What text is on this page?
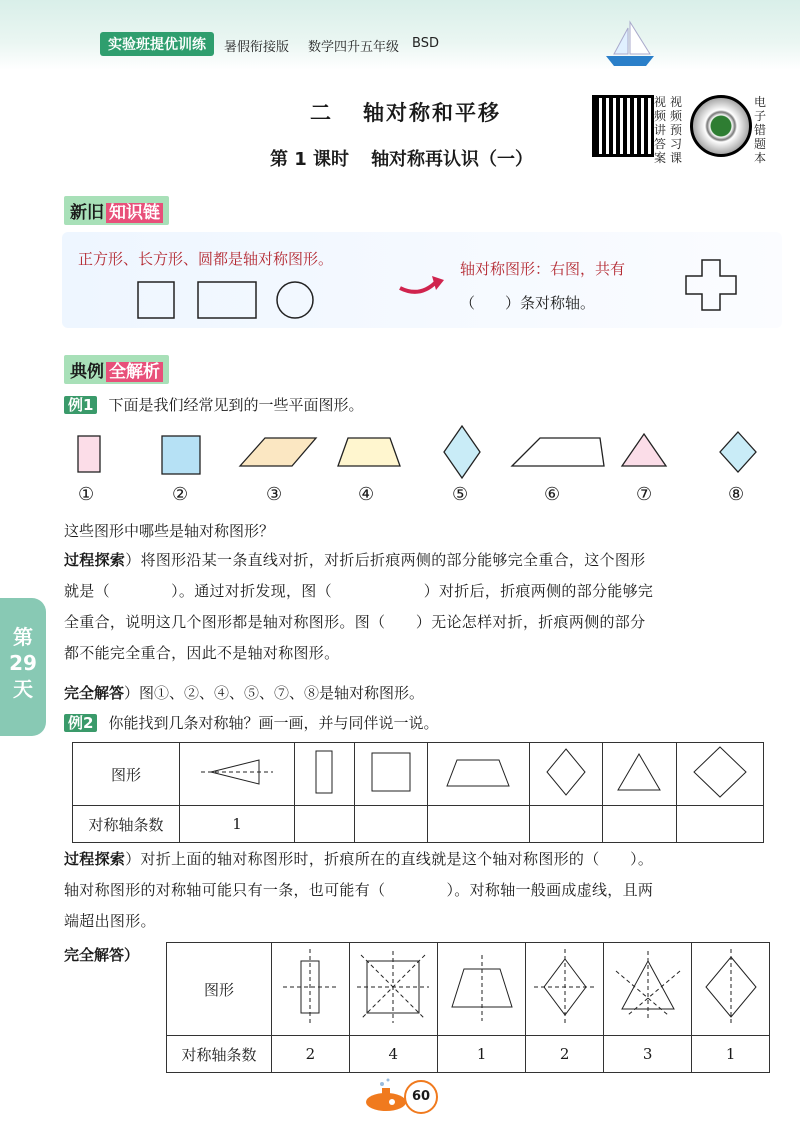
实验班提优训练	暑假衔接版 数学四升五年级 BSD
二 轴对称和平移
第 1 课时 轴对称再认识（一）
视频讲答案
视频预习课
电子错题本
新旧 知识链
正方形、长方形、圆都是轴对称图形。
轴对称图形：右图，共有
（　　）条对称轴。
典例 全解析
例1 下面是我们经常见到的一些平面图形。
①	②	③	④	⑤	⑥	⑦	⑧
这些图形中哪些是轴对称图形？
过程探索）将图形沿某一条直线对折，对折后折痕两侧的部分能够完全重合，这个图形
就是（　　　　）。通过对折发现，图（　　　　　　）对折后，折痕两侧的部分能够完
全重合，说明这几个图形都是轴对称图形。图（　　）无论怎样对折，折痕两侧的部分
都不能完全重合，因此不是轴对称图形。
完全解答）图①、②、④、⑤、⑦、⑧是轴对称图形。
第
29
天
例2 你能找到几条对称轴？画一画，并与同伴说一说。
图形							
对称轴条数	1						
过程探索）对折上面的轴对称图形时，折痕所在的直线就是这个轴对称图形的（　　）。
轴对称图形的对称轴可能只有一条，也可能有（　　　　）。对称轴一般画成虚线，且两
端超出图形。
完全解答）
图形						
对称轴条数	2	4	1	2	3	1
60
